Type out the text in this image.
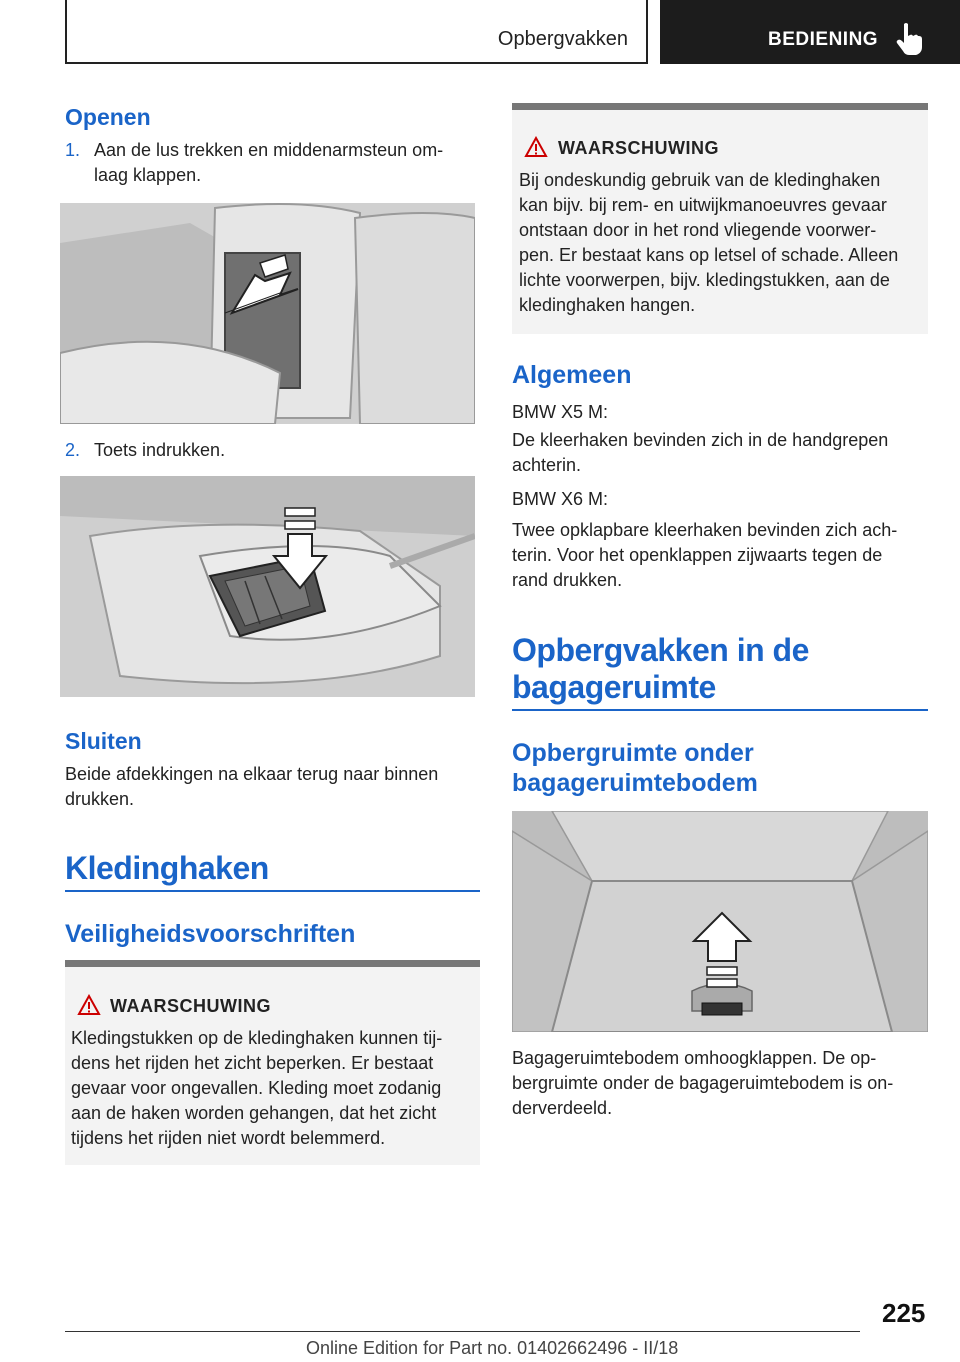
Opbergvakken	BEDIENING
Openen
1. Aan de lus trekken en middenarmsteun om-
laag klappen.
2. Toets indrukken.
Sluiten
Beide afdekkingen na elkaar terug naar binnen
drukken.
Kledinghaken
Veiligheidsvoorschriften
WAARSCHUWING
Kledingstukken op de kledinghaken kunnen tij-
dens het rijden het zicht beperken. Er bestaat
gevaar voor ongevallen. Kleding moet zodanig
aan de haken worden gehangen, dat het zicht
tijdens het rijden niet wordt belemmerd.
WAARSCHUWING
Bij ondeskundig gebruik van de kledinghaken
kan bijv. bij rem- en uitwijkmanoeuvres gevaar
ontstaan door in het rond vliegende voorwer-
pen. Er bestaat kans op letsel of schade. Alleen
lichte voorwerpen, bijv. kledingstukken, aan de
kledinghaken hangen.
Algemeen
BMW X5 M:
De kleerhaken bevinden zich in de handgrepen
achterin.
BMW X6 M:
Twee opklapbare kleerhaken bevinden zich ach-
terin. Voor het openklappen zijwaarts tegen de
rand drukken.
Opbergvakken in de
bagageruimte
Opbergruimte onder
bagageruimtebodem
Bagageruimtebodem omhoogklappen. De op-
bergruimte onder de bagageruimtebodem is on-
derverdeeld.
225
Online Edition for Part no. 01402662496 - II/18
